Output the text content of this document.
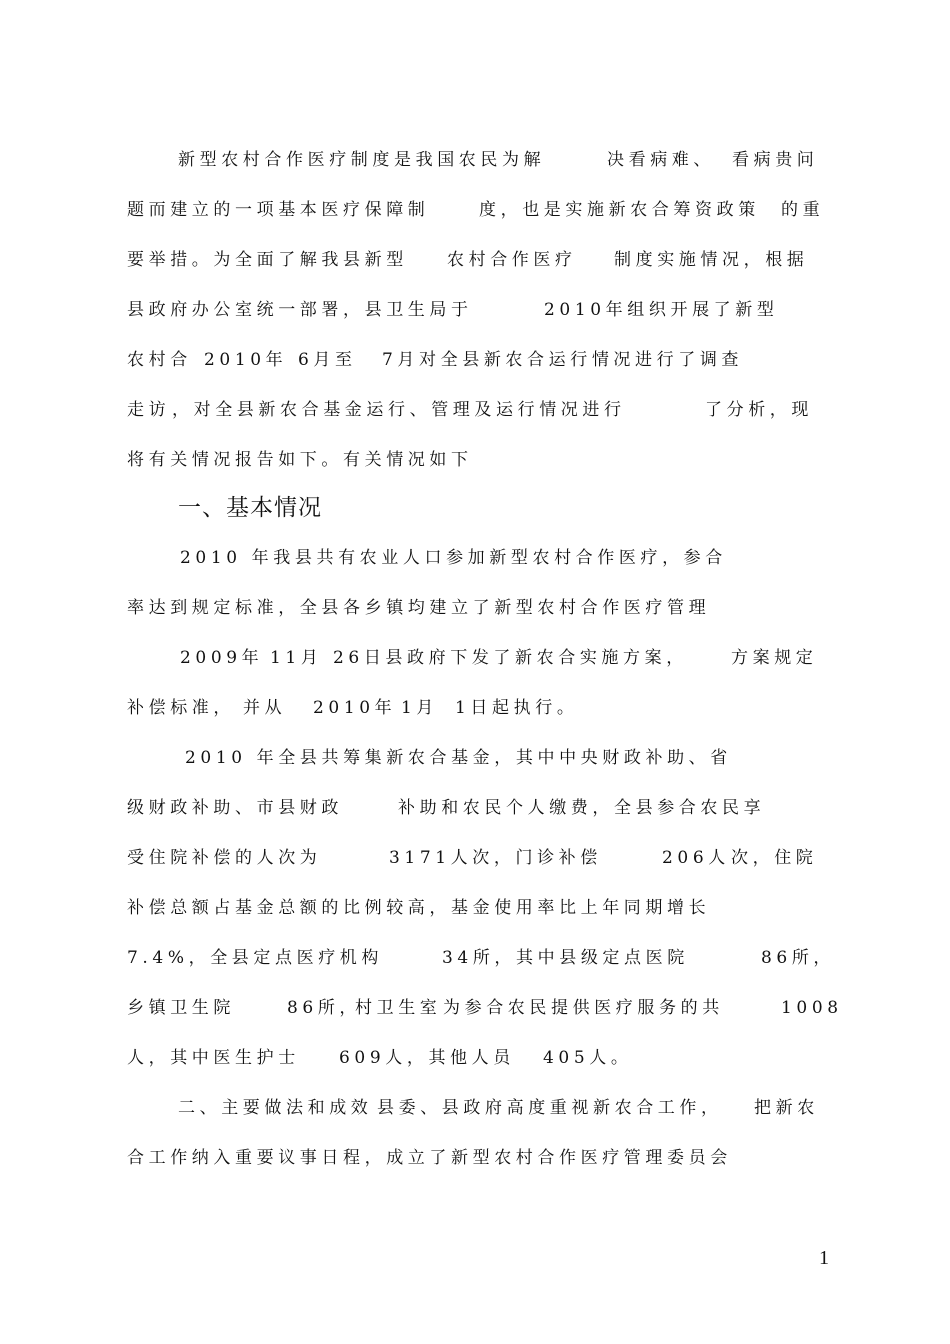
新型农村合作医疗制度是我国农民为解	决看病难、 看病贵问
题而建立的一项基本医疗保障制	度，也是实施新农合筹资政策 的重
要举措。为全面了解我县新型 农村合作医疗 制度实施情况，根据
县政府办公室统一部署，县卫生局于	2010年组织开展了新型
农村合 2010年 6月至 7月对全县新农合运行情况进行了调查
走访 ，对全县新农合基金运行、管理及运行情况进行	了分析，现
将有关情况报告如下。有关情况如下
一、基本情况
2010 年我县共有农业人口参加新型农村合作医疗，参合
率达到规定标准，全县各乡镇均建立了新型农村合作医疗管理
2009年 11月 26日县政府下发了新农合实施方案，	方案规定
补偿标准， 并从 2010年 1月 1日起执行。
2010 年全县共筹集新农合基金，其中中央财政补助、省
级财政补助、市县财政	补助和农民个人缴费，全县参合农民享
受住院补偿的人次为	3171人次，门诊补偿	206人 次，住院
补偿总额占基金总额的比例较高，基金使用率比上年同期增长
7.4%，全县定点医疗机构	34所，其中县级定点医院	86所，
乡镇卫生院	86所，
村卫生室 为参合农民提供医疗服务的共	1008
人，其中医生护士 609人，其他人员 405人。
二、主要做法和成效 县委、县政府高度重视新农合工作， 把新农
合工作纳入重要议事日程，成立了新型农村合作医疗管理委员会
1
